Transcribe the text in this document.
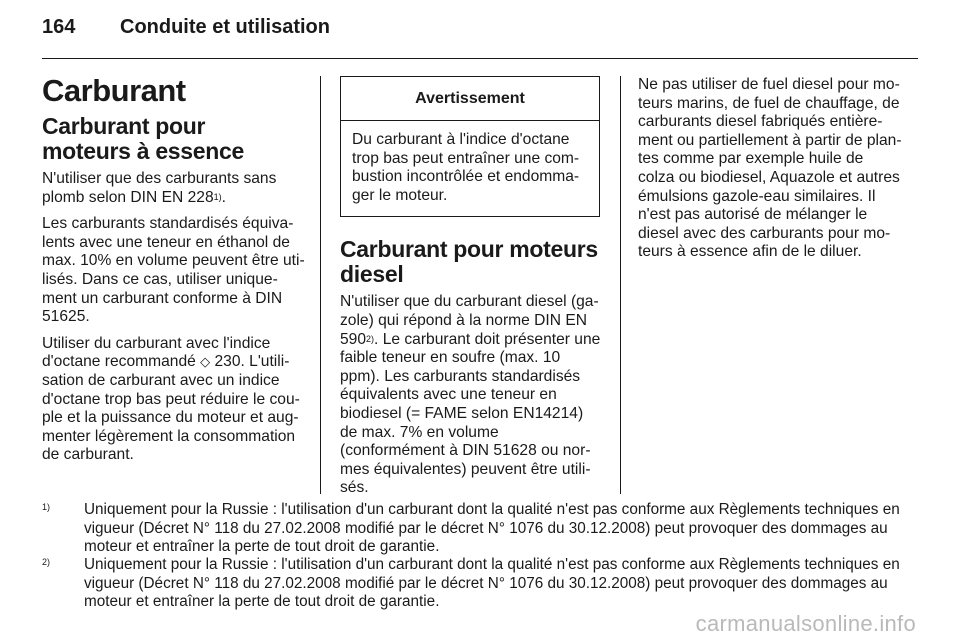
164 Conduite et utilisation
Carburant
Carburant pour moteurs à essence

N'utiliser que des carburants sans plomb selon DIN EN 228$^{1)}$.

Les carburants standardisés équivalents avec une teneur en éthanol de max. 10% en volume peuvent être utilisés. Dans ce cas, utiliser uniquement un carburant conforme à DIN 51625.

Utiliser du carburant avec l'indice d'octane recommandé ◇ 230. L'utilisation de carburant avec un indice d'octane trop bas peut réduire le couple et la puissance du moteur et augmenter légèrement la consommation de carburant.

Avertissement
Du carburant à l'indice d'octane trop bas peut entraîner une combustion incontrôlée et endommager le moteur.
Carburant pour moteurs diesel

N'utiliser que du carburant diesel (gazole) qui répond à la norme DIN EN 590$^{2)}$. Le carburant doit présenter une faible teneur en soufre (max. 10 ppm). Les carburants standardisés équivalents avec une teneur en biodiesel (= FAME selon EN14214) de max. 7% en volume (conformément à DIN 51628 ou normes équivalentes) peuvent être utilisés.

Ne pas utiliser de fuel diesel pour moteurs marins, de fuel de chauffage, de carburants diesel fabriqués entièrement ou partiellement à partir de plantes comme par exemple huile de colza ou biodiesel, Aquazole et autres émulsions gazole-eau similaires. Il n'est pas autorisé de mélanger le diesel avec des carburants pour moteurs à essence afin de le diluer.

1) Uniquement pour la Russie : l'utilisation d'un carburant dont la qualité n'est pas conforme aux Règlements techniques en vigueur (Décret N° 118 du 27.02.2008 modifié par le décret N° 1076 du 30.12.2008) peut provoquer des dommages au moteur et entraîner la perte de tout droit de garantie.
2) Uniquement pour la Russie : l'utilisation d'un carburant dont la qualité n'est pas conforme aux Règlements techniques en vigueur (Décret N° 118 du 27.02.2008 modifié par le décret N° 1076 du 30.12.2008) peut provoquer des dommages au moteur et entraîner la perte de tout droit de garantie.
carmanualsonline.info
